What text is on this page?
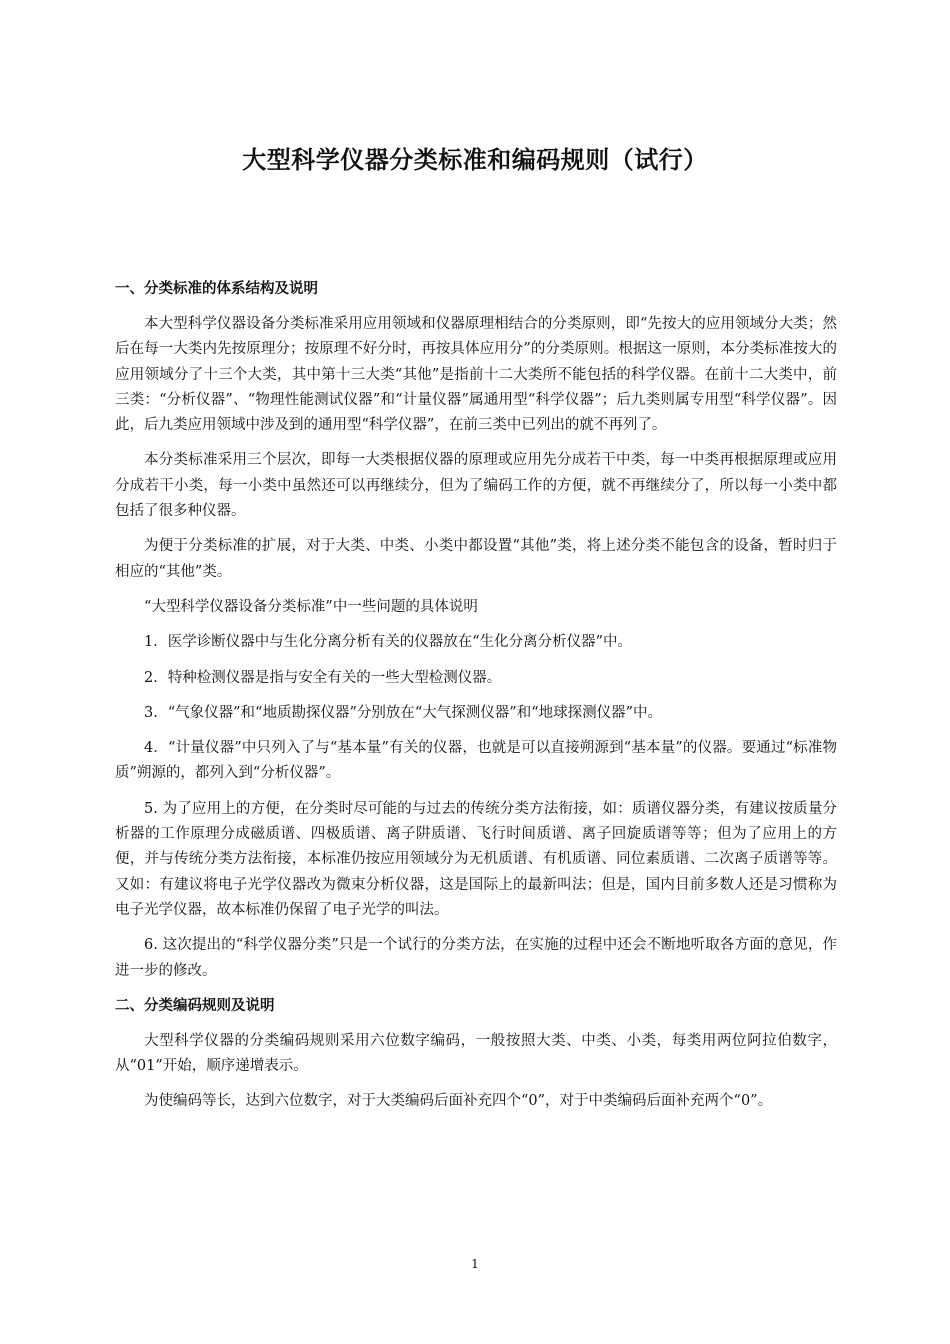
大型科学仪器分类标准和编码规则（试行）
一、分类标准的体系结构及说明

本大型科学仪器设备分类标准采用应用领域和仪器原理相结合的分类原则，即“先按大的应用领域分大类；然后在每一大类内先按原理分；按原理不好分时，再按具体应用分”的分类原则。根据这一原则，本分类标准按大的应用领域分了十三个大类，其中第十三大类“其他”是指前十二大类所不能包括的科学仪器。在前十二大类中，前三类：“分析仪器”、“物理性能测试仪器”和“计量仪器”属通用型“科学仪器”；后九类则属专用型“科学仪器”。因此，后九类应用领域中涉及到的通用型“科学仪器”，在前三类中已列出的就不再列了。

本分类标准采用三个层次，即每一大类根据仪器的原理或应用先分成若干中类，每一中类再根据原理或应用分成若干小类，每一小类中虽然还可以再继续分，但为了编码工作的方便，就不再继续分了，所以每一小类中都包括了很多种仪器。

为便于分类标准的扩展，对于大类、中类、小类中都设置“其他”类，将上述分类不能包含的设备，暂时归于相应的“其他”类。

“大型科学仪器设备分类标准”中一些问题的具体说明

1．医学诊断仪器中与生化分离分析有关的仪器放在“生化分离分析仪器”中。

2．特种检测仪器是指与安全有关的一些大型检测仪器。

3．“气象仪器”和“地质勘探仪器”分别放在“大气探测仪器”和“地球探测仪器”中。

4．“计量仪器”中只列入了与“基本量”有关的仪器，也就是可以直接朔源到“基本量”的仪器。要通过“标准物质”朔源的，都列入到“分析仪器”。

5. 为了应用上的方便，在分类时尽可能的与过去的传统分类方法衔接，如：质谱仪器分类，有建议按质量分析器的工作原理分成磁质谱、四极质谱、离子阱质谱、飞行时间质谱、离子回旋质谱等等；但为了应用上的方便，并与传统分类方法衔接，本标准仍按应用领域分为无机质谱、有机质谱、同位素质谱、二次离子质谱等等。又如：有建议将电子光学仪器改为微束分析仪器，这是国际上的最新叫法；但是，国内目前多数人还是习惯称为电子光学仪器，故本标准仍保留了电子光学的叫法。

6. 这次提出的“科学仪器分类”只是一个试行的分类方法，在实施的过程中还会不断地听取各方面的意见，作进一步的修改。

二、分类编码规则及说明

大型科学仪器的分类编码规则采用六位数字编码，一般按照大类、中类、小类，每类用两位阿拉伯数字，从“01”开始，顺序递增表示。

为使编码等长，达到六位数字，对于大类编码后面补充四个“0”，对于中类编码后面补充两个“0”。

1
